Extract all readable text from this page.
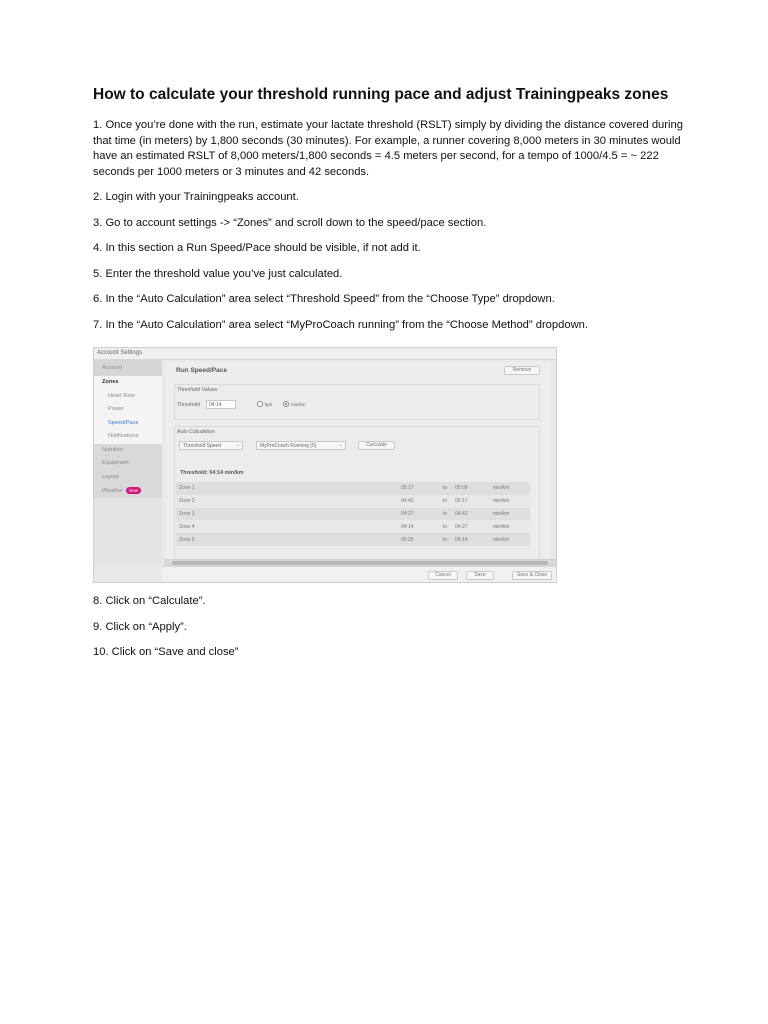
How to calculate your threshold running pace and adjust Trainingpeaks zones

1. Once you’re done with the run, estimate your lactate threshold (RSLT) simply by dividing the distance covered during that time (in meters) by 1,800 seconds (30 minutes). For example, a runner covering 8,000 meters in 30 minutes would have an estimated RSLT of 8,000 meters/1,800 seconds = 4.5 meters per second, for a tempo of 1000/4.5 = ~ 222 seconds per 1000 meters or 3 minutes and 42 seconds.

2. Login with your Trainingpeaks account.

3. Go to account settings -> “Zones” and scroll down to the speed/pace section.

4. In this section a Run Speed/Pace should be visible, if not add it.

5. Enter the threshold value you’ve just calculated.

6. In the “Auto Calculation” area select “Threshold Speed” from the “Choose Type” dropdown.

7. In the “Auto Calculation” area select “MyProCoach running” from the “Choose Method” dropdown.

Account Settings
Account
Zones
Heart Rate
Power
Speed/Pace
Notifications
Nutrition
Equipment
Layout
Weather New
Run Speed/Pace	Remove
Threshold Values
Threshold	04:14	kph	min/km
Auto Calculation
Threshold Speed	⌄	MyProCoach Running (5)	⌄	Calculate
Threshold: 04:14 min/km
Zone 1	05:17	to	05:09	min/km
Zone 2	04:42	to	05:17	min/km
Zone 3	04:27	to	04:42	min/km
Zone 4	04:14	to	04:27	min/km
Zone 5	00:25	to	04:14	min/km
Cancel	Save	Save & Close

8. Click on “Calculate”.

9. Click on “Apply”.

10. Click on “Save and close”
